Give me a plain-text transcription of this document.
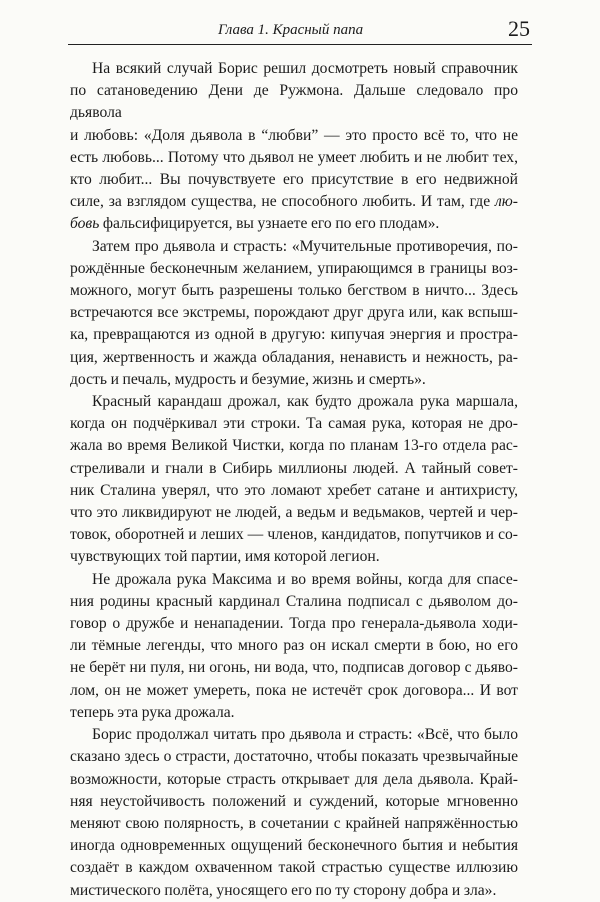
Глава 1. Красный папа	25

На всякий случай Борис решил досмотреть новый справочник
по сатановедению Дени де Ружмона. Дальше следовало про дьявола
и любовь: «Доля дьявола в “любви” — это просто всё то, что не
есть любовь... Потому что дьявол не умеет любить и не любит тех,
кто любит... Вы почувствуете его присутствие в его недвижной
силе, за взглядом существа, не способного любить. И там, где лю-
бовь фальсифицируется, вы узнаете его по его плодам».

Затем про дьявола и страсть: «Мучительные противоречия, по-
рождённые бесконечным желанием, упирающимся в границы воз-
можного, могут быть разрешены только бегством в ничто... Здесь
встречаются все экстремы, порождают друг друга или, как вспыш-
ка, превращаются из одной в другую: кипучая энергия и простра-
ция, жертвенность и жажда обладания, ненависть и нежность, ра-
дость и печаль, мудрость и безумие, жизнь и смерть».

Красный карандаш дрожал, как будто дрожала рука маршала,
когда он подчёркивал эти строки. Та самая рука, которая не дро-
жала во время Великой Чистки, когда по планам 13-го отдела рас-
стреливали и гнали в Сибирь миллионы людей. А тайный совет-
ник Сталина уверял, что это ломают хребет сатане и антихристу,
что это ликвидируют не людей, а ведьм и ведьмаков, чертей и чер-
товок, оборотней и леших — членов, кандидатов, попутчиков и со-
чувствующих той партии, имя которой легион.

Не дрожала рука Максима и во время войны, когда для спасе-
ния родины красный кардинал Сталина подписал с дьяволом до-
говор о дружбе и ненападении. Тогда про генерала-дьявола ходи-
ли тёмные легенды, что много раз он искал смерти в бою, но его
не берёт ни пуля, ни огонь, ни вода, что, подписав договор с дьяво-
лом, он не может умереть, пока не истечёт срок договора... И вот
теперь эта рука дрожала.

Борис продолжал читать про дьявола и страсть: «Всё, что было
сказано здесь о страсти, достаточно, чтобы показать чрезвычайные
возможности, которые страсть открывает для дела дьявола. Край-
няя неустойчивость положений и суждений, которые мгновенно
меняют свою полярность, в сочетании с крайней напряжённостью
иногда одновременных ощущений бесконечного бытия и небытия
создаёт в каждом охваченном такой страстью существе иллюзию
мистического полёта, уносящего его по ту сторону добра и зла».
